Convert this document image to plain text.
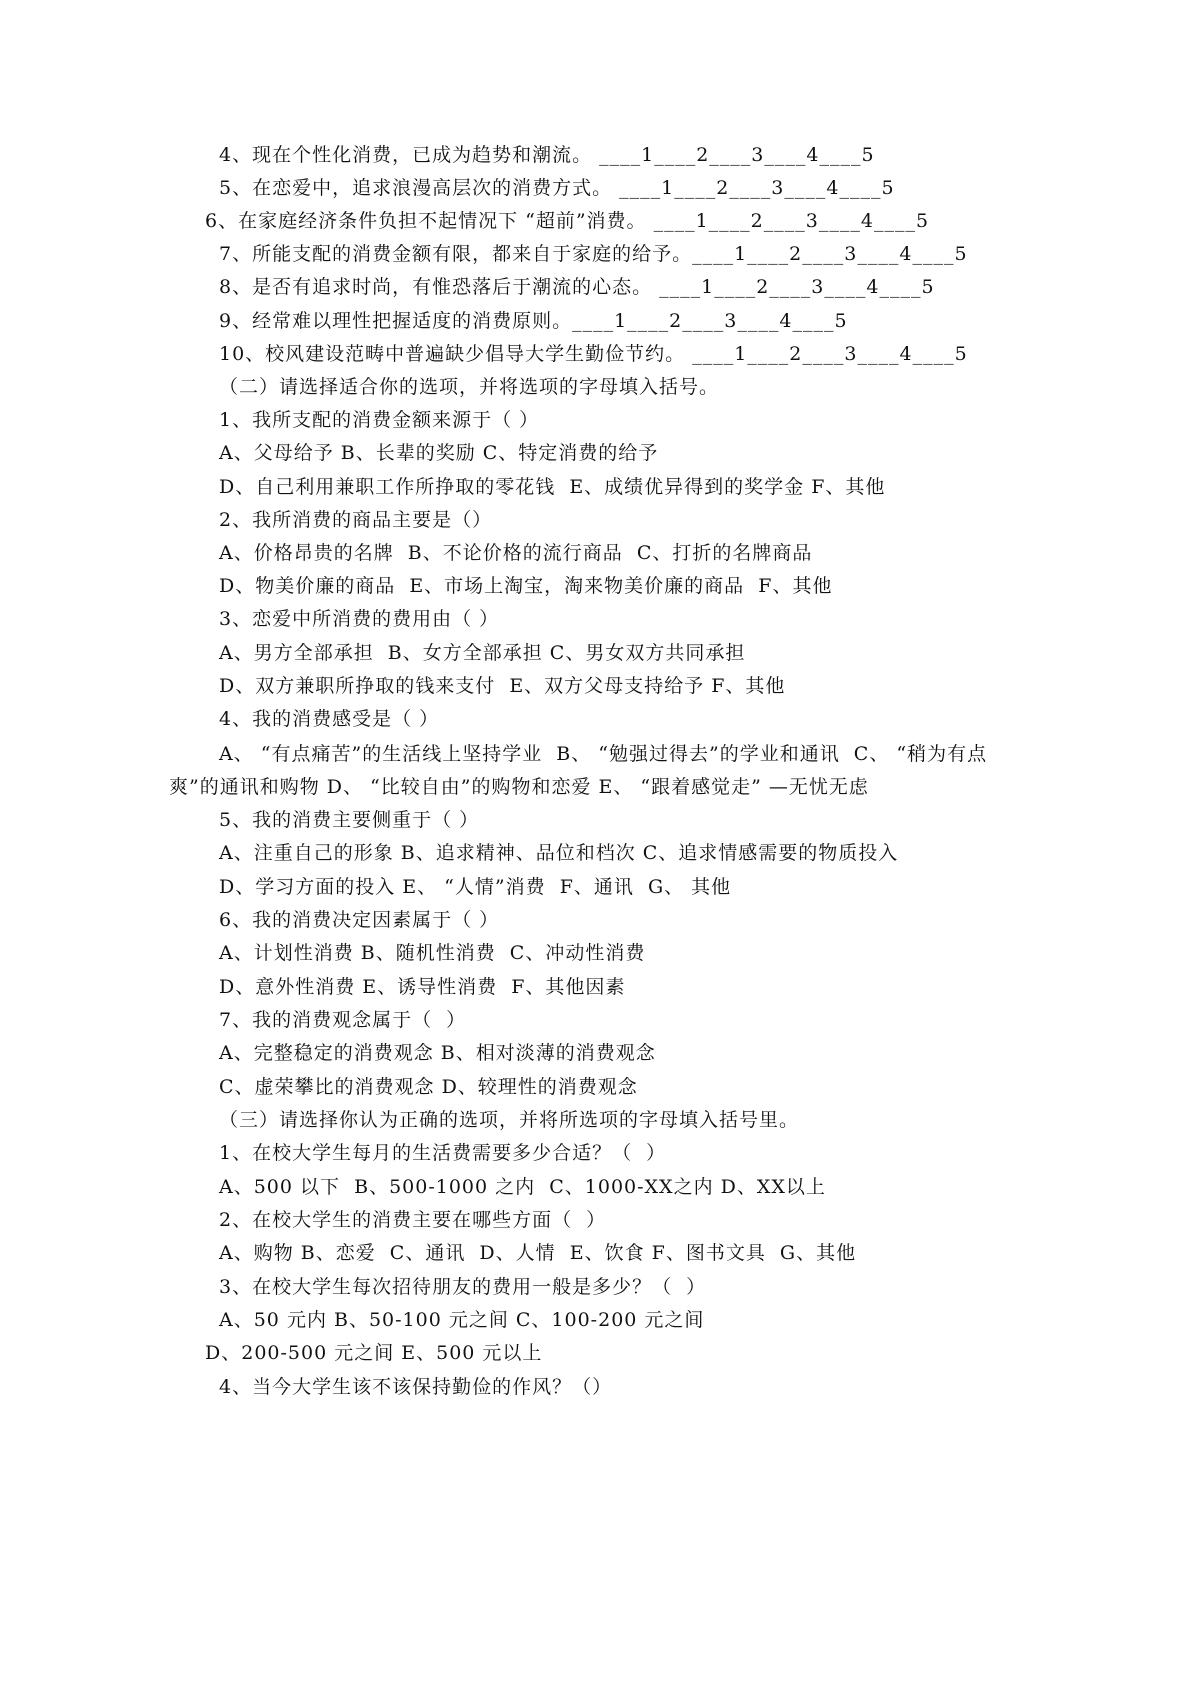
4、现在个性化消费，已成为趋势和潮流。 ____1____2____3____4____5
5、在恋爱中，追求浪漫高层次的消费方式。 ____1____2____3____4____5
6、在家庭经济条件负担不起情况下 “超前”消费。 ____1____2____3____4____5
7、所能支配的消费金额有限，都来自于家庭的给予。____1____2____3____4____5
8、是否有追求时尚，有惟恐落后于潮流的心态。 ____1____2____3____4____5
9、经常难以理性把握适度的消费原则。____1____2____3____4____5
10、校风建设范畴中普遍缺少倡导大学生勤俭节约。 ____1____2____3____4____5
（二）请选择适合你的选项，并将选项的字母填入括号。
1、我所支配的消费金额来源于（ ）
A、父母给予 B、长辈的奖励 C、特定消费的给予
D、自己利用兼职工作所挣取的零花钱  E、成绩优异得到的奖学金 F、其他
2、我所消费的商品主要是（）
A、价格昂贵的名牌  B、不论价格的流行商品  C、打折的名牌商品
D、物美价廉的商品  E、市场上淘宝，淘来物美价廉的商品  F、其他
3、恋爱中所消费的费用由（ ）
A、男方全部承担  B、女方全部承担 C、男女双方共同承担
D、双方兼职所挣取的钱来支付  E、双方父母支持给予 F、其他
4、我的消费感受是（ ）
A、 “有点痛苦”的生活线上坚持学业  B、 “勉强过得去”的学业和通讯  C、 “稍为有点
爽”的通讯和购物 D、 “比较自由”的购物和恋爱 E、 “跟着感觉走” —无忧无虑
5、我的消费主要侧重于（ ）
A、注重自己的形象 B、追求精神、品位和档次 C、追求情感需要的物质投入
D、学习方面的投入 E、 “人情”消费  F、通讯  G、 其他
6、我的消费决定因素属于（ ）
A、计划性消费 B、随机性消费  C、冲动性消费
D、意外性消费 E、诱导性消费  F、其他因素
7、我的消费观念属于（  ）
A、完整稳定的消费观念 B、相对淡薄的消费观念
C、虚荣攀比的消费观念 D、较理性的消费观念
（三）请选择你认为正确的选项，并将所选项的字母填入括号里。
1、在校大学生每月的生活费需要多少合适？（  ）
A、500 以下  B、500-1000 之内  C、1000-XX之内 D、XX以上
2、在校大学生的消费主要在哪些方面（  ）
A、购物 B、恋爱  C、通讯  D、人情  E、饮食 F、图书文具  G、其他
3、在校大学生每次招待朋友的费用一般是多少？（  ）
A、50 元内 B、50-100 元之间 C、100-200 元之间
D、200-500 元之间 E、500 元以上
4、当今大学生该不该保持勤俭的作风？（）
